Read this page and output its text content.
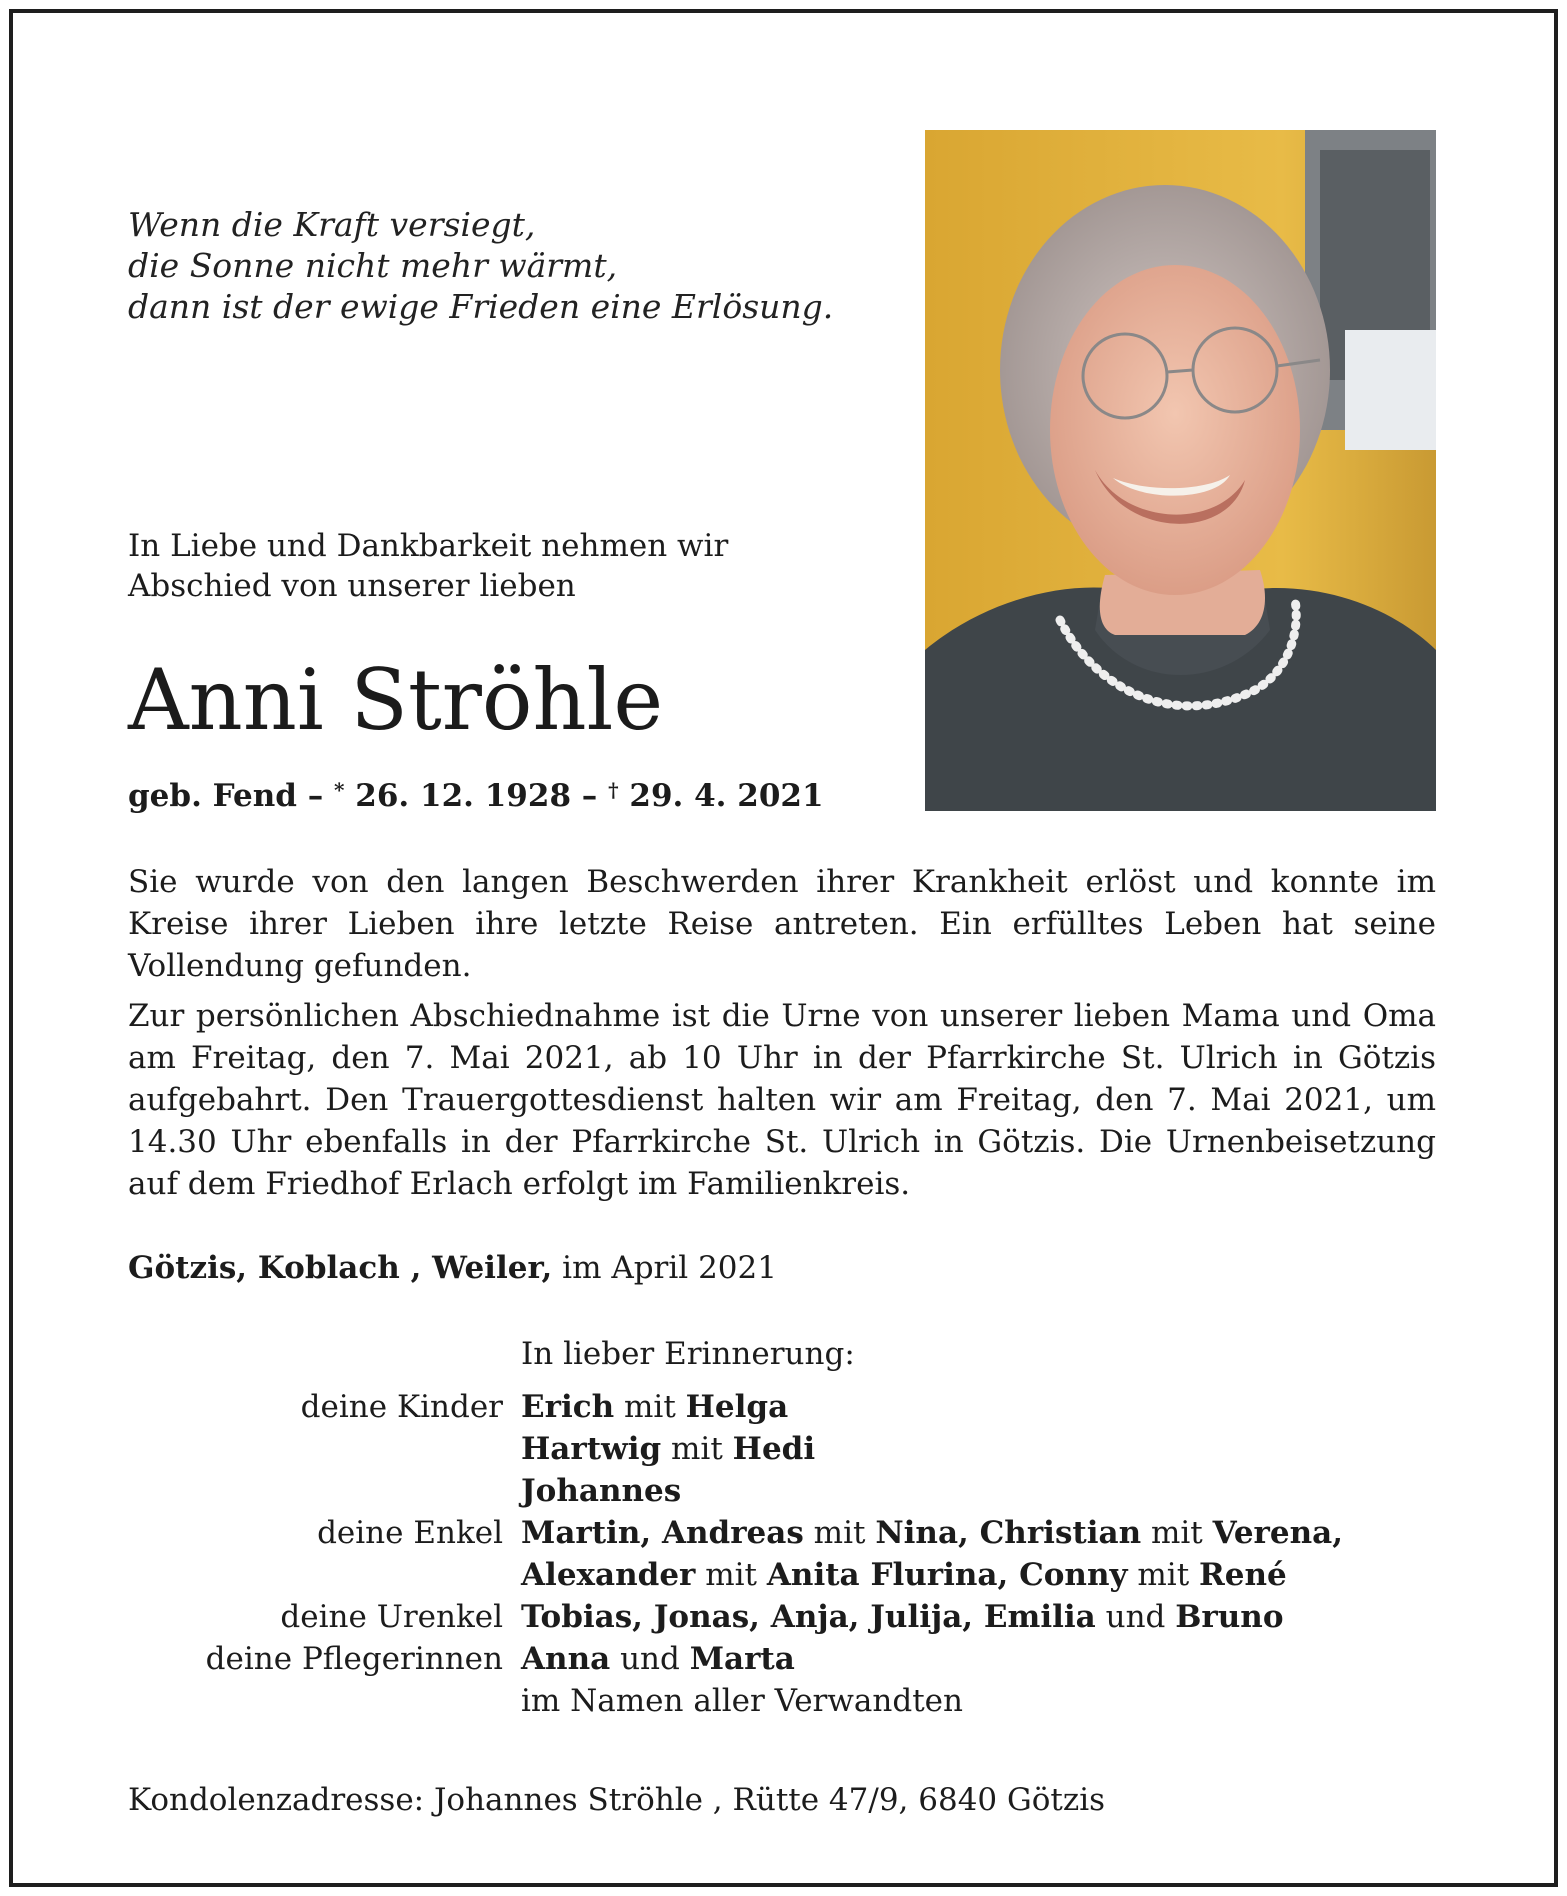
Wenn die Kraft versiegt,
die Sonne nicht mehr wärmt,
dann ist der ewige Frieden eine Erlösung.
In Liebe und Dankbarkeit nehmen wir
Abschied von unserer lieben
Anni Ströhle
geb. Fend – * 26. 12. 1928 – † 29. 4. 2021

Sie wurde von den langen Beschwerden ihrer Krankheit erlöst und konnte im Kreise ihrer Lieben ihre letzte Reise antreten. Ein erfülltes Leben hat seine Vollendung gefunden.

Zur persönlichen Abschiednahme ist die Urne von unserer lieben Mama und Oma am Freitag, den 7. Mai 2021, ab 10 Uhr in der Pfarrkirche St. Ulrich in Götzis aufgebahrt. Den Trauergottesdienst halten wir am Freitag, den 7. Mai 2021, um 14.30 Uhr ebenfalls in der Pfarrkirche St. Ulrich in Götzis. Die Urnenbeisetzung auf dem Friedhof Erlach erfolgt im Familienkreis.

Götzis, Koblach , Weiler, im April 2021
In lieber Erinnerung:
deine Kinder Erich mit Helga
Hartwig mit Hedi
Johannes
deine Enkel Martin, Andreas mit Nina, Christian mit Verena,
Alexander mit Anita Flurina, Conny mit René
deine Urenkel Tobias, Jonas, Anja, Julija, Emilia und Bruno
deine Pflegerinnen Anna und Marta
im Namen aller Verwandten
Kondolenzadresse: Johannes Ströhle , Rütte 47/9, 6840 Götzis
